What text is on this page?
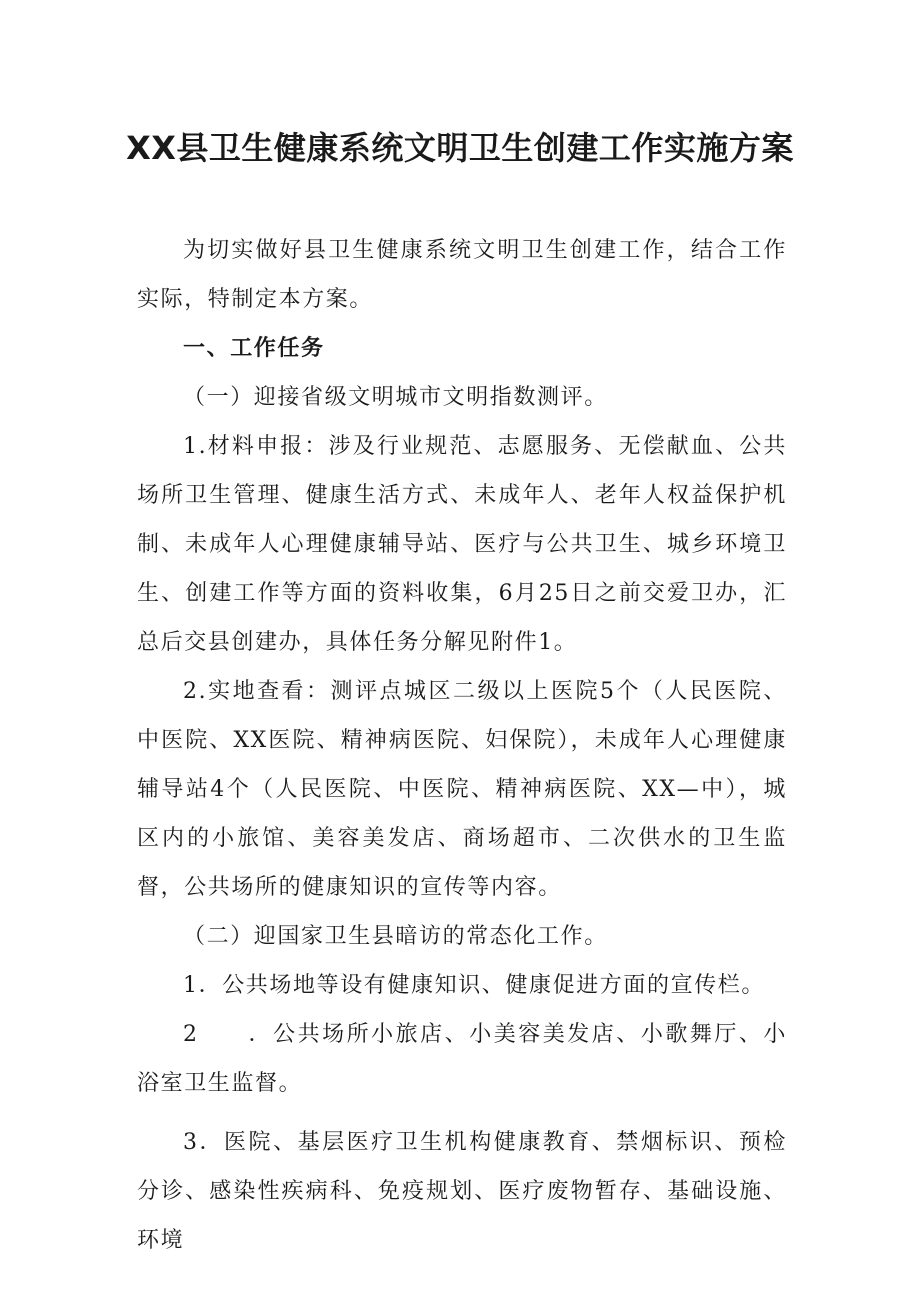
XX县卫生健康系统文明卫生创建工作实施方案

为切实做好县卫生健康系统文明卫生创建工作，结合工作实际，特制定本方案。

一、工作任务

（一）迎接省级文明城市文明指数测评。

1.材料申报：涉及行业规范、志愿服务、无偿献血、公共场所卫生管理、健康生活方式、未成年人、老年人权益保护机制、未成年人心理健康辅导站、医疗与公共卫生、城乡环境卫生、创建工作等方面的资料收集，6月25日之前交爱卫办，汇总后交县创建办，具体任务分解见附件1。

2.实地查看：测评点城区二级以上医院5个（人民医院、中医院、XX医院、精神病医院、妇保院），未成年人心理健康辅导站4个（人民医院、中医院、精神病医院、XX—中），城区内的小旅馆、美容美发店、商场超市、二次供水的卫生监督，公共场所的健康知识的宣传等内容。

（二）迎国家卫生县暗访的常态化工作。

1．公共场地等设有健康知识、健康促进方面的宣传栏。

2　　．公共场所小旅店、小美容美发店、小歌舞厅、小浴室卫生监督。

3．医院、基层医疗卫生机构健康教育、禁烟标识、预检分诊、感染性疾病科、免疫规划、医疗废物暂存、基础设施、环境
